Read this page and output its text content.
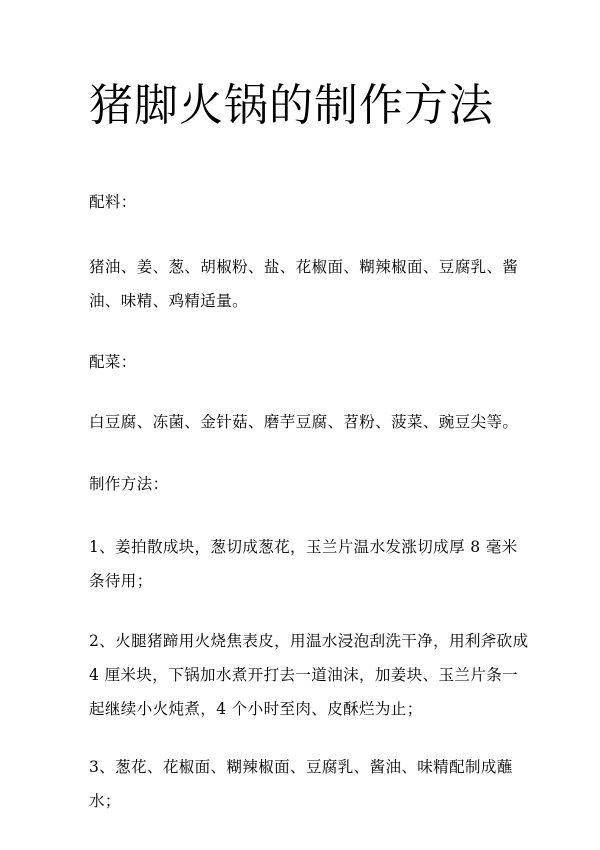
猪脚火锅的制作方法

配料：

猪油、姜、葱、胡椒粉、盐、花椒面、糊辣椒面、豆腐乳、酱油、味精、鸡精适量。

配菜：

白豆腐、冻菌、金针菇、磨芋豆腐、苕粉、菠菜、豌豆尖等。

制作方法：

1、姜拍散成块，葱切成葱花，玉兰片温水发涨切成厚 8 毫米条待用；

2、火腿猪蹄用火烧焦表皮，用温水浸泡刮洗干净，用利斧砍成 4 厘米块，下锅加水煮开打去一道油沫，加姜块、玉兰片条一起继续小火炖煮，4 个小时至肉、皮酥烂为止；

3、葱花、花椒面、糊辣椒面、豆腐乳、酱油、味精配制成蘸水；
